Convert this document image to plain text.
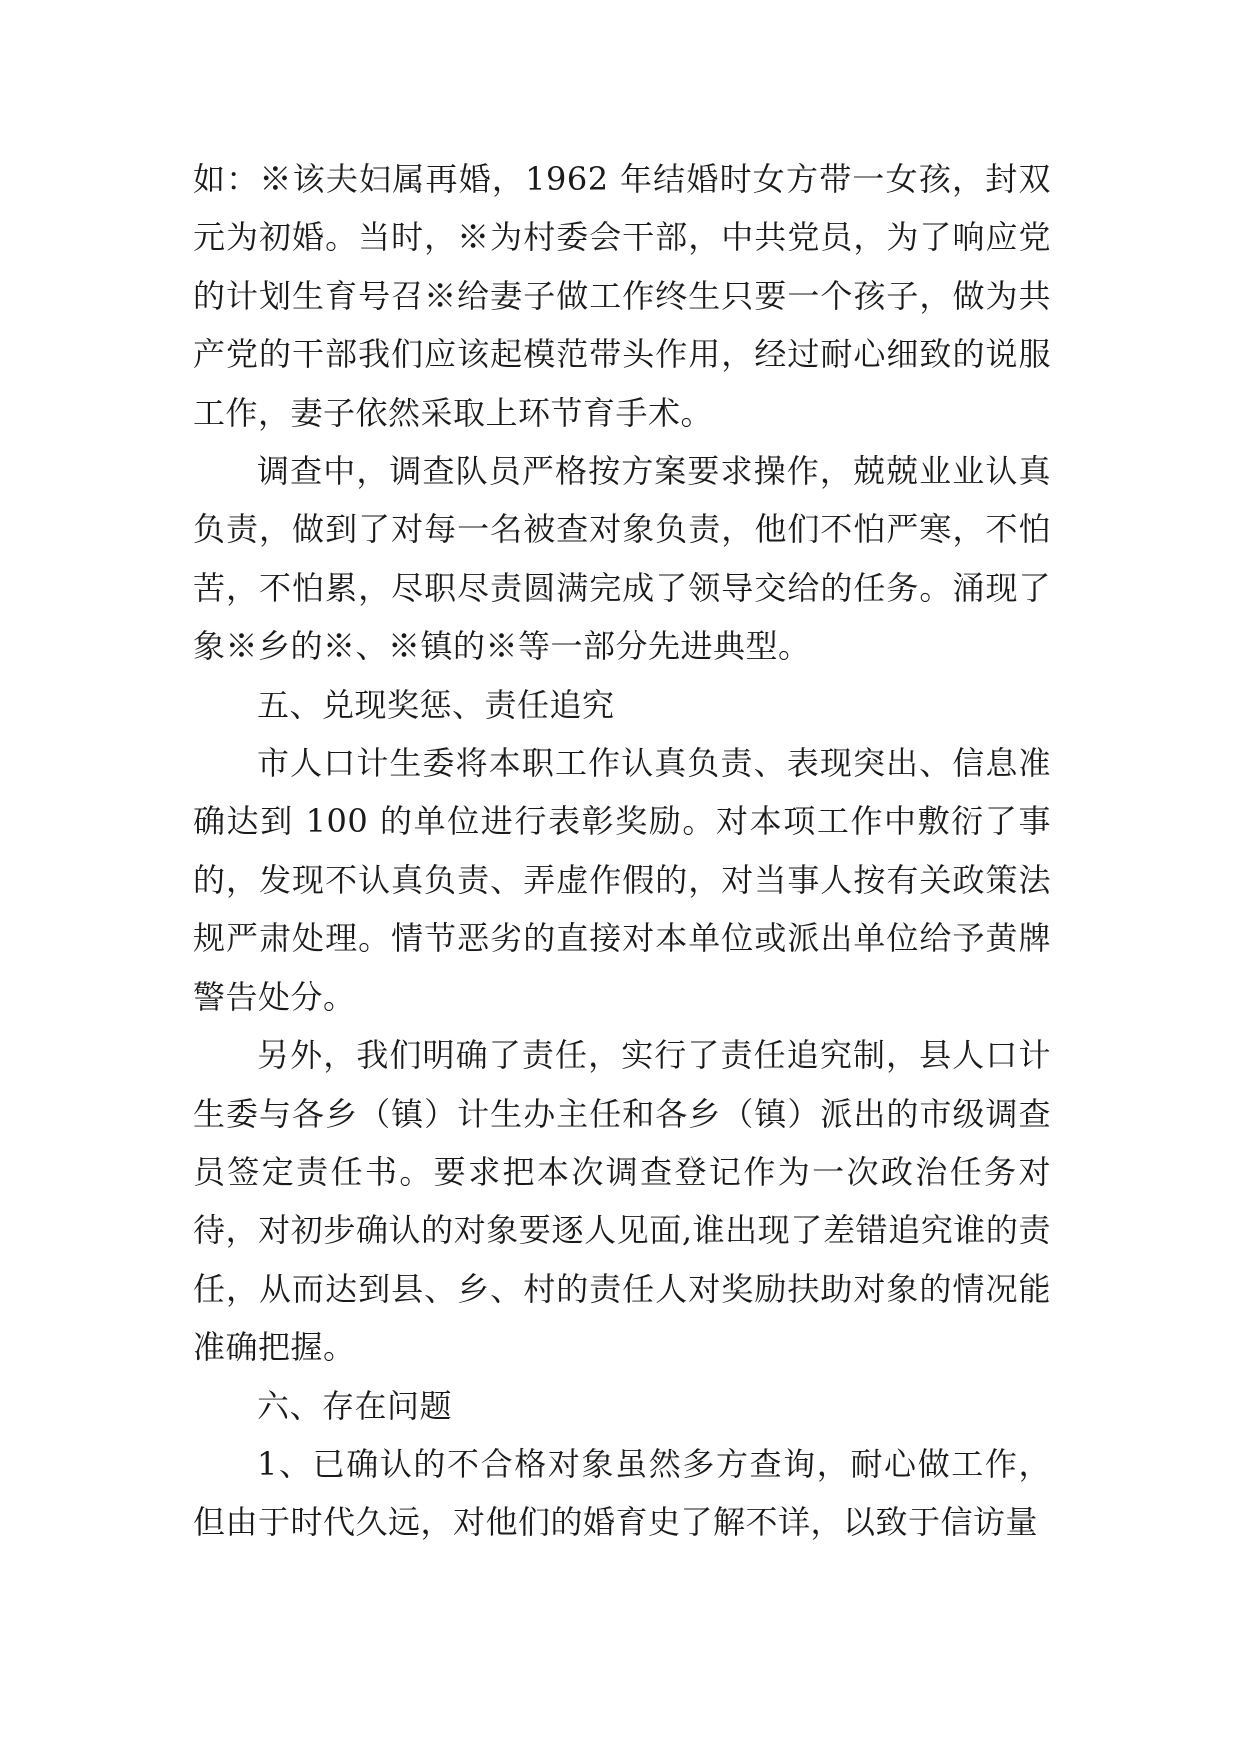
如：※该夫妇属再婚，1962 年结婚时女方带一女孩，封双元为初婚。当时，※为村委会干部，中共党员，为了响应党的计划生育号召※给妻子做工作终生只要一个孩子，做为共产党的干部我们应该起模范带头作用，经过耐心细致的说服工作，妻子依然采取上环节育手术。

调查中，调查队员严格按方案要求操作，兢兢业业认真负责，做到了对每一名被查对象负责，他们不怕严寒，不怕苦，不怕累，尽职尽责圆满完成了领导交给的任务。涌现了象※乡的※、※镇的※等一部分先进典型。

五、兑现奖惩、责任追究

市人口计生委将本职工作认真负责、表现突出、信息准确达到 100 的单位进行表彰奖励。对本项工作中敷衍了事的，发现不认真负责、弄虚作假的，对当事人按有关政策法规严肃处理。情节恶劣的直接对本单位或派出单位给予黄牌警告处分。

另外，我们明确了责任，实行了责任追究制，县人口计生委与各乡（镇）计生办主任和各乡（镇）派出的市级调查员签定责任书。要求把本次调查登记作为一次政治任务对待，对初步确认的对象要逐人见面,谁出现了差错追究谁的责任，从而达到县、乡、村的责任人对奖励扶助对象的情况能准确把握。

六、存在问题

1、已确认的不合格对象虽然多方查询，耐心做工作，但由于时代久远，对他们的婚育史了解不详，以致于信访量
